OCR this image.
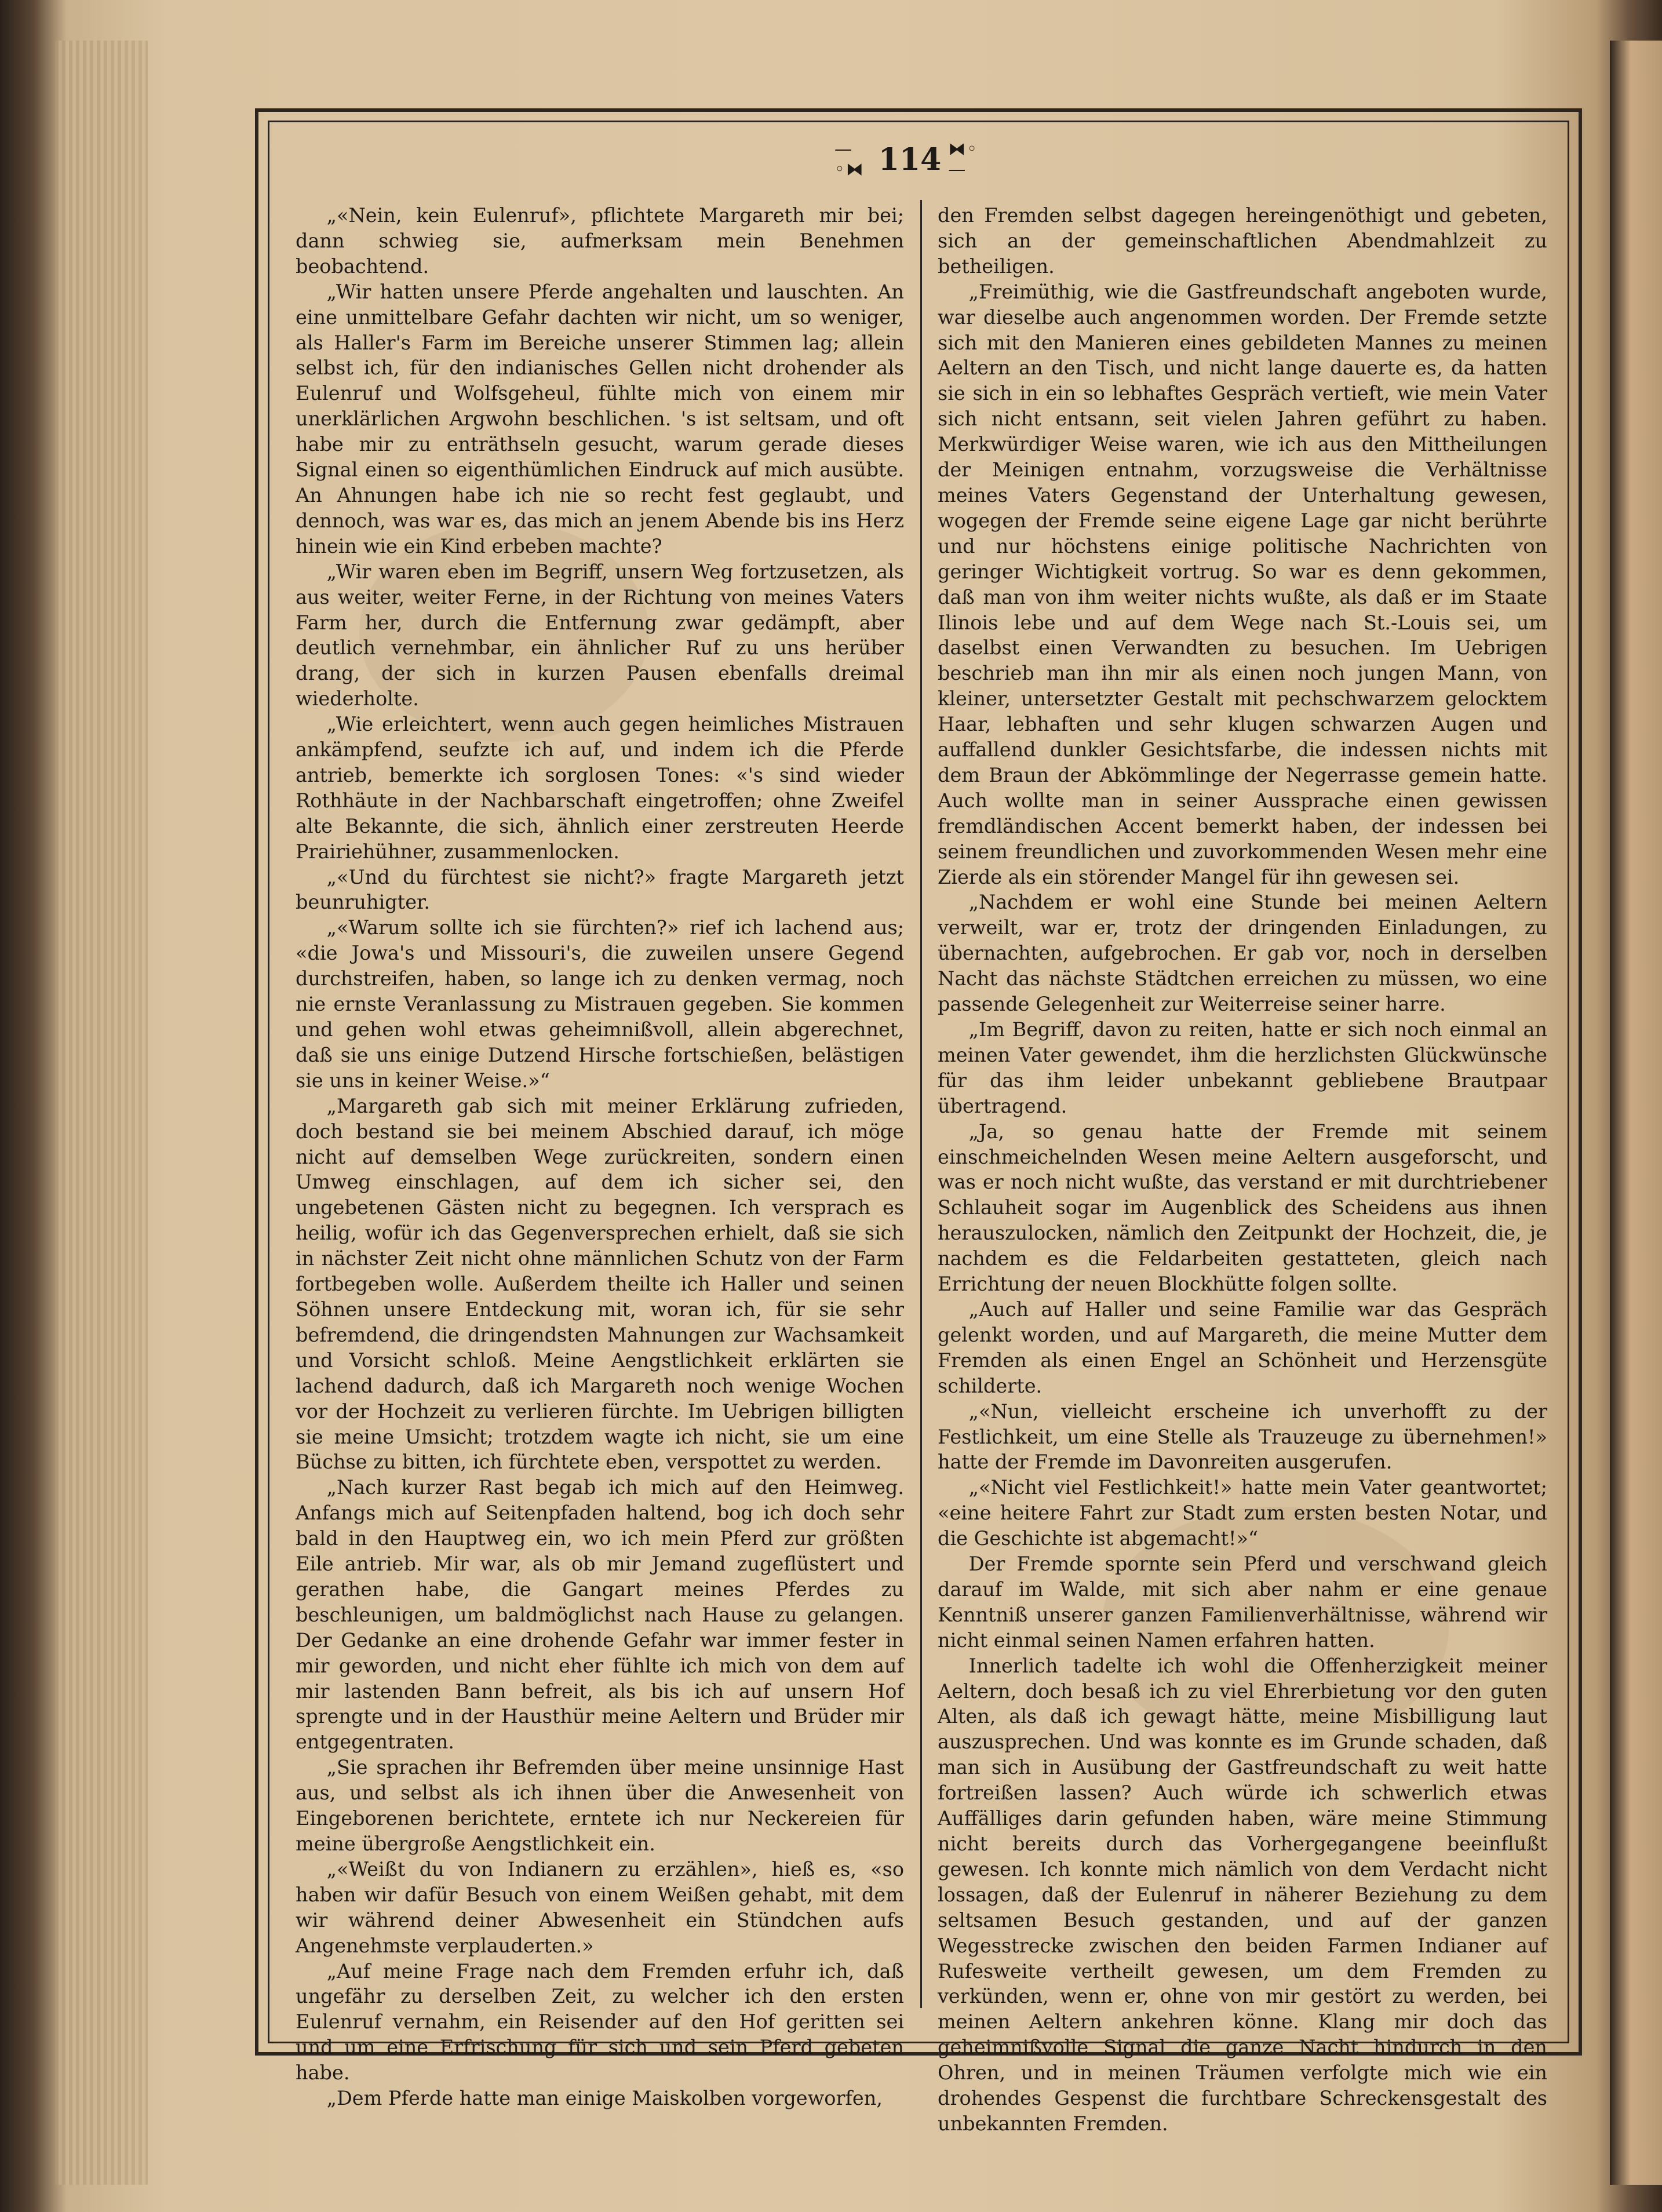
—◦⧓ 114 ⧓◦—

„«Nein, kein Eulenruf», pflichtete Margareth mir bei; dann schwieg sie, aufmerksam mein Benehmen beobachtend.

„Wir hatten unsere Pferde angehalten und lauschten. An eine unmittelbare Gefahr dachten wir nicht, um so weniger, als Haller's Farm im Bereiche unserer Stimmen lag; allein selbst ich, für den indianisches Gellen nicht drohender als Eulenruf und Wolfsgeheul, fühlte mich von einem mir unerklärlichen Argwohn beschlichen. 's ist seltsam, und oft habe mir zu enträthseln gesucht, warum gerade dieses Signal einen so eigenthümlichen Eindruck auf mich ausübte. An Ahnungen habe ich nie so recht fest geglaubt, und dennoch, was war es, das mich an jenem Abende bis ins Herz hinein wie ein Kind erbeben machte?

„Wir waren eben im Begriff, unsern Weg fortzusetzen, als aus weiter, weiter Ferne, in der Richtung von meines Vaters Farm her, durch die Entfernung zwar gedämpft, aber deutlich vernehmbar, ein ähnlicher Ruf zu uns herüber drang, der sich in kurzen Pausen ebenfalls dreimal wiederholte.

„Wie erleichtert, wenn auch gegen heimliches Mistrauen ankämpfend, seufzte ich auf, und indem ich die Pferde antrieb, bemerkte ich sorglosen Tones: «'s sind wieder Rothhäute in der Nachbarschaft eingetroffen; ohne Zweifel alte Bekannte, die sich, ähnlich einer zerstreuten Heerde Prairiehühner, zusammenlocken.

„«Und du fürchtest sie nicht?» fragte Margareth jetzt beunruhigter.

„«Warum sollte ich sie fürchten?» rief ich lachend aus; «die Jowa's und Missouri's, die zuweilen unsere Gegend durchstreifen, haben, so lange ich zu denken vermag, noch nie ernste Veranlassung zu Mistrauen gegeben. Sie kommen und gehen wohl etwas geheimnißvoll, allein abgerechnet, daß sie uns einige Dutzend Hirsche fortschießen, belästigen sie uns in keiner Weise.»“

„Margareth gab sich mit meiner Erklärung zufrieden, doch bestand sie bei meinem Abschied darauf, ich möge nicht auf demselben Wege zurückreiten, sondern einen Umweg einschlagen, auf dem ich sicher sei, den ungebetenen Gästen nicht zu begegnen. Ich versprach es heilig, wofür ich das Gegenversprechen erhielt, daß sie sich in nächster Zeit nicht ohne männlichen Schutz von der Farm fortbegeben wolle. Außerdem theilte ich Haller und seinen Söhnen unsere Entdeckung mit, woran ich, für sie sehr befremdend, die dringendsten Mahnungen zur Wachsamkeit und Vorsicht schloß. Meine Aengstlichkeit erklärten sie lachend dadurch, daß ich Margareth noch wenige Wochen vor der Hochzeit zu verlieren fürchte. Im Uebrigen billigten sie meine Umsicht; trotzdem wagte ich nicht, sie um eine Büchse zu bitten, ich fürchtete eben, verspottet zu werden.

„Nach kurzer Rast begab ich mich auf den Heimweg. Anfangs mich auf Seitenpfaden haltend, bog ich doch sehr bald in den Hauptweg ein, wo ich mein Pferd zur größten Eile antrieb. Mir war, als ob mir Jemand zugeflüstert und gerathen habe, die Gangart meines Pferdes zu beschleunigen, um baldmöglichst nach Hause zu gelangen. Der Gedanke an eine drohende Gefahr war immer fester in mir geworden, und nicht eher fühlte ich mich von dem auf mir lastenden Bann befreit, als bis ich auf unsern Hof sprengte und in der Hausthür meine Aeltern und Brüder mir entgegentraten.

„Sie sprachen ihr Befremden über meine unsinnige Hast aus, und selbst als ich ihnen über die Anwesenheit von Eingeborenen berichtete, erntete ich nur Neckereien für meine übergroße Aengstlichkeit ein.

„«Weißt du von Indianern zu erzählen», hieß es, «so haben wir dafür Besuch von einem Weißen gehabt, mit dem wir während deiner Abwesenheit ein Stündchen aufs Angenehmste verplauderten.»

„Auf meine Frage nach dem Fremden erfuhr ich, daß ungefähr zu derselben Zeit, zu welcher ich den ersten Eulenruf vernahm, ein Reisender auf den Hof geritten sei und um eine Erfrischung für sich und sein Pferd gebeten habe.

„Dem Pferde hatte man einige Maiskolben vorgeworfen,

den Fremden selbst dagegen hereingenöthigt und gebeten, sich an der gemeinschaftlichen Abendmahlzeit zu betheiligen.

„Freimüthig, wie die Gastfreundschaft angeboten wurde, war dieselbe auch angenommen worden. Der Fremde setzte sich mit den Manieren eines gebildeten Mannes zu meinen Aeltern an den Tisch, und nicht lange dauerte es, da hatten sie sich in ein so lebhaftes Gespräch vertieft, wie mein Vater sich nicht entsann, seit vielen Jahren geführt zu haben. Merkwürdiger Weise waren, wie ich aus den Mittheilungen der Meinigen entnahm, vorzugsweise die Verhältnisse meines Vaters Gegenstand der Unterhaltung gewesen, wogegen der Fremde seine eigene Lage gar nicht berührte und nur höchstens einige politische Nachrichten von geringer Wichtigkeit vortrug. So war es denn gekommen, daß man von ihm weiter nichts wußte, als daß er im Staate Ilinois lebe und auf dem Wege nach St.-Louis sei, um daselbst einen Verwandten zu besuchen. Im Uebrigen beschrieb man ihn mir als einen noch jungen Mann, von kleiner, untersetzter Gestalt mit pechschwarzem gelocktem Haar, lebhaften und sehr klugen schwarzen Augen und auffallend dunkler Gesichtsfarbe, die indessen nichts mit dem Braun der Abkömmlinge der Negerrasse gemein hatte. Auch wollte man in seiner Aussprache einen gewissen fremdländischen Accent bemerkt haben, der indessen bei seinem freundlichen und zuvorkommenden Wesen mehr eine Zierde als ein störender Mangel für ihn gewesen sei.

„Nachdem er wohl eine Stunde bei meinen Aeltern verweilt, war er, trotz der dringenden Einladungen, zu übernachten, aufgebrochen. Er gab vor, noch in derselben Nacht das nächste Städtchen erreichen zu müssen, wo eine passende Gelegenheit zur Weiterreise seiner harre.

„Im Begriff, davon zu reiten, hatte er sich noch einmal an meinen Vater gewendet, ihm die herzlichsten Glückwünsche für das ihm leider unbekannt gebliebene Brautpaar übertragend.

„Ja, so genau hatte der Fremde mit seinem einschmeichelnden Wesen meine Aeltern ausgeforscht, und was er noch nicht wußte, das verstand er mit durchtriebener Schlauheit sogar im Augenblick des Scheidens aus ihnen herauszulocken, nämlich den Zeitpunkt der Hochzeit, die, je nachdem es die Feldarbeiten gestatteten, gleich nach Errichtung der neuen Blockhütte folgen sollte.

„Auch auf Haller und seine Familie war das Gespräch gelenkt worden, und auf Margareth, die meine Mutter dem Fremden als einen Engel an Schönheit und Herzensgüte schilderte.

„«Nun, vielleicht erscheine ich unverhofft zu der Festlichkeit, um eine Stelle als Trauzeuge zu übernehmen!» hatte der Fremde im Davonreiten ausgerufen.

„«Nicht viel Festlichkeit!» hatte mein Vater geantwortet; «eine heitere Fahrt zur Stadt zum ersten besten Notar, und die Geschichte ist abgemacht!»“

Der Fremde spornte sein Pferd und verschwand gleich darauf im Walde, mit sich aber nahm er eine genaue Kenntniß unserer ganzen Familienverhältnisse, während wir nicht einmal seinen Namen erfahren hatten.

Innerlich tadelte ich wohl die Offenherzigkeit meiner Aeltern, doch besaß ich zu viel Ehrerbietung vor den guten Alten, als daß ich gewagt hätte, meine Misbilligung laut auszusprechen. Und was konnte es im Grunde schaden, daß man sich in Ausübung der Gastfreundschaft zu weit hatte fortreißen lassen? Auch würde ich schwerlich etwas Auffälliges darin gefunden haben, wäre meine Stimmung nicht bereits durch das Vorhergegangene beeinflußt gewesen. Ich konnte mich nämlich von dem Verdacht nicht lossagen, daß der Eulenruf in näherer Beziehung zu dem seltsamen Besuch gestanden, und auf der ganzen Wegesstrecke zwischen den beiden Farmen Indianer auf Rufesweite vertheilt gewesen, um dem Fremden zu verkünden, wenn er, ohne von mir gestört zu werden, bei meinen Aeltern ankehren könne. Klang mir doch das geheimnißvolle Signal die ganze Nacht hindurch in den Ohren, und in meinen Träumen verfolgte mich wie ein drohendes Gespenst die furchtbare Schreckensgestalt des unbekannten Fremden.
